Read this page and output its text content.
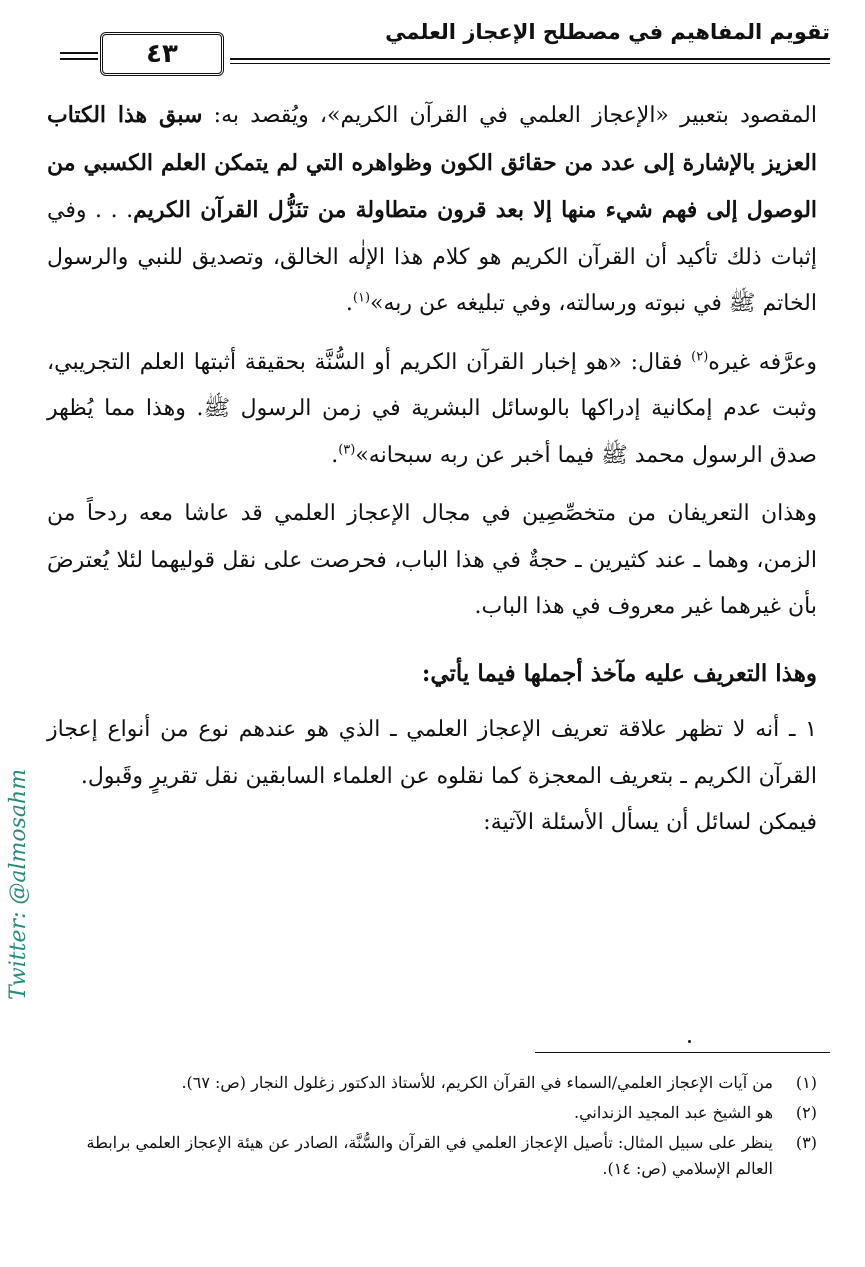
تقويم المفاهيم في مصطلح الإعجاز العلمي
٤٣

المقصود بتعبير «الإعجاز العلمي في القرآن الكريم»، ويُقصد به: سبق هذا الكتاب العزيز بالإشارة إلى عدد من حقائق الكون وظواهره التي لم يتمكن العلم الكسبي من الوصول إلى فهم شيء منها إلا بعد قرون متطاولة من تنَزُّل القرآن الكريم. . . وفي إثبات ذلك تأكيد أن القرآن الكريم هو كلام هذا الإلٰه الخالق، وتصديق للنبي والرسول الخاتم ﷺ في نبوته ورسالته، وفي تبليغه عن ربه»$^{(١)}$.

وعرَّفه غيره$^{(٢)}$ فقال: «هو إخبار القرآن الكريم أو السُّنَّة بحقيقة أثبتها العلم التجريبي، وثبت عدم إمكانية إدراكها بالوسائل البشرية في زمن الرسول ﷺ. وهذا مما يُظهر صدق الرسول محمد ﷺ فيما أخبر عن ربه سبحانه»$^{(٣)}$.

وهذان التعريفان من متخصِّصِين في مجال الإعجاز العلمي قد عاشا معه ردحاً من الزمن، وهما ـ عند كثيرين ـ حجةٌ في هذا الباب، فحرصت على نقل قوليهما لئلا يُعترضَ بأن غيرهما غير معروف في هذا الباب.

وهذا التعريف عليه مآخذ أجملها فيما يأتي:

١ ـ أنه لا تظهر علاقة تعريف الإعجاز العلمي ـ الذي هو عندهم نوع من أنواع إعجاز القرآن الكريم ـ بتعريف المعجزة كما نقلوه عن العلماء السابقين نقل تقريرٍ وقَبول.

فيمكن لسائل أن يسأل الأسئلة الآتية:

(١)
من آيات الإعجاز العلمي/السماء في القرآن الكريم، للأستاذ الدكتور زغلول النجار (ص: ٦٧).
(٢)
هو الشيخ عبد المجيد الزنداني.
(٣)
ينظر على سبيل المثال: تأصيل الإعجاز العلمي في القرآن والسُّنَّة، الصادر عن هيئة الإعجاز العلمي برابطة العالم الإسلامي (ص: ١٤).
Twitter: @almosahm
